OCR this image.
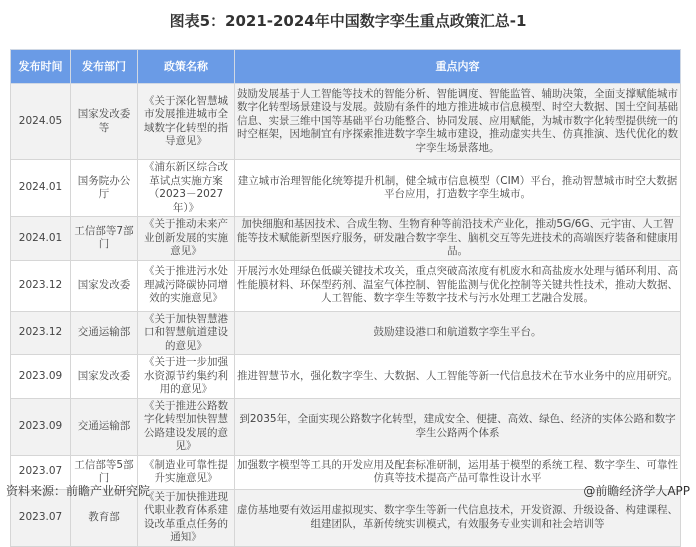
图表5：2021-2024年中国数字孪生重点政策汇总-1
发布时间	发布部门	政策名称	重点内容
2024.05	国家发改委等	《关于深化智慧城市发展推进城市全域数字化转型的指导意见》	鼓励发展基于人工智能等技术的智能分析、智能调度、智能监管、辅助决策，全面支撑赋能城市数字化转型场景建设与发展。鼓励有条件的地方推进城市信息模型、时空大数据、国土空间基础信息、实景三维中国等基础平台功能整合、协同发展、应用赋能，为城市数字化转型提供统一的时空框架，因地制宜有序探索推进数字孪生城市建设，推动虚实共生、仿真推演、迭代优化的数字孪生场景落地。
2024.01	国务院办公厅	《浦东新区综合改革试点实施方案（2023－2027年）》	建立城市治理智能化统筹提升机制，健全城市信息模型（CIM）平台，推动智慧城市时空大数据平台应用，打造数字孪生城市。
2024.01	工信部等7部门	《关于推动未来产业创新发展的实施意见》	加快细胞和基因技术、合成生物、生物育种等前沿技术产业化，推动5G/6G、元宇宙、人工智能等技术赋能新型医疗服务，研发融合数字孪生、脑机交互等先进技术的高端医疗装备和健康用品。
2023.12	国家发改委	《关于推进污水处理减污降碳协同增效的实施意见》	开展污水处理绿色低碳关键技术攻关，重点突破高浓度有机废水和高盐废水处理与循环利用、高性能膜材料、环保型药剂、温室气体控制、智能监测与优化控制等关键共性技术，推动大数据、人工智能、数字孪生等数字技术与污水处理工艺融合发展。
2023.12	交通运输部	《关于加快智慧港口和智慧航道建设的意见》	鼓励建设港口和航道数字孪生平台。
2023.09	国家发改委	《关于进一步加强水资源节约集约利用的意见》	推进智慧节水，强化数字孪生、大数据、人工智能等新一代信息技术在节水业务中的应用研究。
2023.09	交通运输部	《关于推进公路数字化转型加快智慧公路建设发展的意见》	到2035年，全面实现公路数字化转型，建成安全、便捷、高效、绿色、经济的实体公路和数字孪生公路两个体系
2023.07	工信部等5部门	《制造业可靠性提升实施意见》	加强数字模型等工具的开发应用及配套标准研制，运用基于模型的系统工程、数字孪生、可靠性仿真等技术提高产品可靠性设计水平
2023.07	教育部	《关于加快推进现代职业教育体系建设改革重点任务的通知》	虚仿基地要有效运用虚拟现实、数字孪生等新一代信息技术，开发资源、升级设备、构建课程、组建团队，革新传统实训模式，有效服务专业实训和社会培训等
资料来源：前瞻产业研究院	@前瞻经济学人APP
